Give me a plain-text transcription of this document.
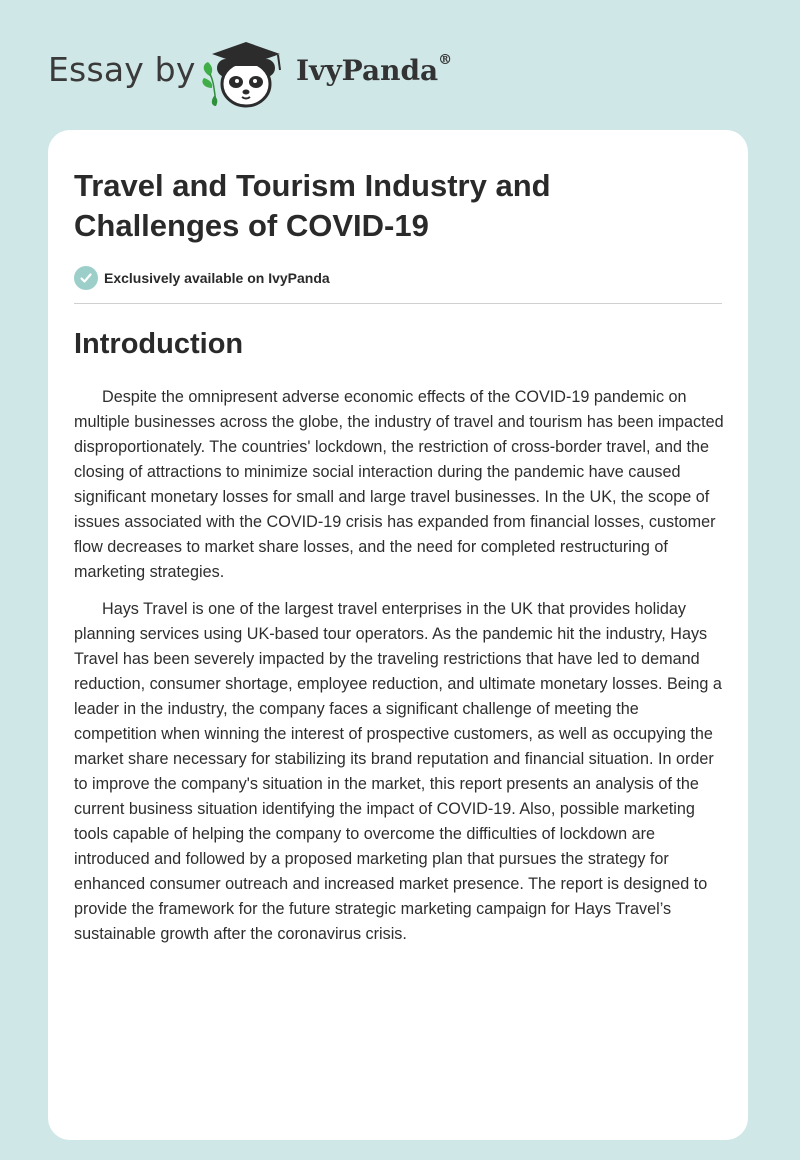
Essay by	IvyPanda®
Travel and Tourism Industry and Challenges of COVID-19
Exclusively available on IvyPanda
Introduction

Despite the omnipresent adverse economic effects of the COVID-19 pandemic on multiple businesses across the globe, the industry of travel and tourism has been impacted disproportionately. The countries' lockdown, the restriction of cross-border travel, and the closing of attractions to minimize social interaction during the pandemic have caused significant monetary losses for small and large travel businesses. In the UK, the scope of issues associated with the COVID-19 crisis has expanded from financial losses, customer flow decreases to market share losses, and the need for completed restructuring of marketing strategies.

Hays Travel is one of the largest travel enterprises in the UK that provides holiday planning services using UK-based tour operators. As the pandemic hit the industry, Hays Travel has been severely impacted by the traveling restrictions that have led to demand reduction, consumer shortage, employee reduction, and ultimate monetary losses. Being a leader in the industry, the company faces a significant challenge of meeting the competition when winning the interest of prospective customers, as well as occupying the market share necessary for stabilizing its brand reputation and financial situation. In order to improve the company's situation in the market, this report presents an analysis of the current business situation identifying the impact of COVID-19. Also, possible marketing tools capable of helping the company to overcome the difficulties of lockdown are introduced and followed by a proposed marketing plan that pursues the strategy for enhanced consumer outreach and increased market presence. The report is designed to provide the framework for the future strategic marketing campaign for Hays Travel’s sustainable growth after the coronavirus crisis.
